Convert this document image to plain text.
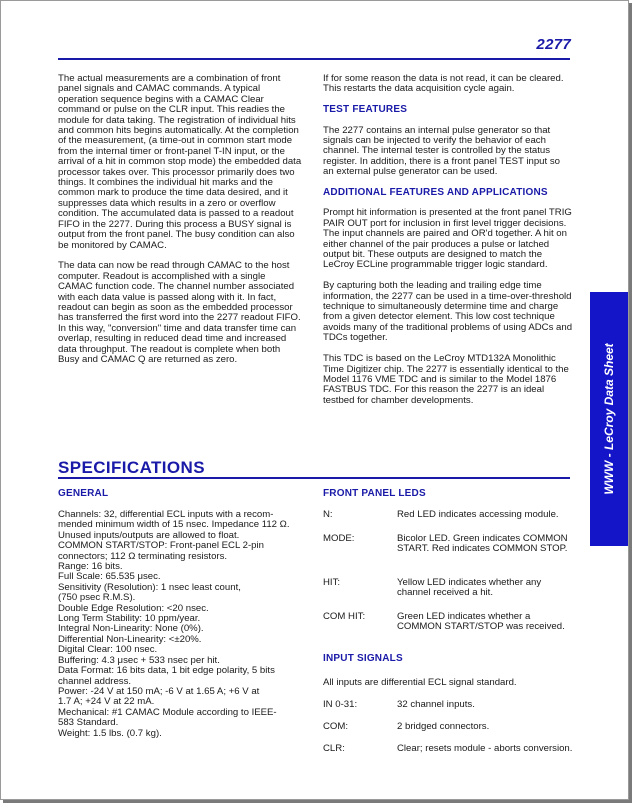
2277

The actual measurements are a combination of front panel signals and CAMAC commands. A typical operation sequence begins with a CAMAC Clear command or pulse on the CLR input. This readies the module for data taking. The registration of individual hits and common hits begins automatically. At the completion of the measurement, (a time-out in common start mode from the internal timer or front-panel T-IN input, or the arrival of a hit in common stop mode) the embedded data processor takes over. This processor primarily does two things. It combines the individual hit marks and the common mark to produce the time data desired, and it suppresses data which results in a zero or overflow condition. The accumulated data is passed to a readout FIFO in the 2277. During this process a BUSY signal is output from the front panel. The busy condition can also be monitored by CAMAC.

The data can now be read through CAMAC to the host computer. Readout is accomplished with a single CAMAC function code. The channel number associated with each data value is passed along with it. In fact, readout can begin as soon as the embedded processor has transferred the first word into the 2277 readout FIFO. In this way, "conversion" time and data transfer time can overlap, resulting in reduced dead time and increased data throughput. The readout is complete when both Busy and CAMAC Q are returned as zero.

If for some reason the data is not read, it can be cleared. This restarts the data acquisition cycle again.

TEST FEATURES

The 2277 contains an internal pulse generator so that signals can be injected to verify the behavior of each channel. The internal tester is controlled by the status register. In addition, there is a front panel TEST input so an external pulse generator can be used.

ADDITIONAL FEATURES AND APPLICATIONS

Prompt hit information is presented at the front panel TRIG PAIR OUT port for inclusion in first level trigger decisions. The input channels are paired and OR'd together. A hit on either channel of the pair produces a pulse or latched output bit. These outputs are designed to match the LeCroy ECLine programmable trigger logic standard.

By capturing both the leading and trailing edge time information, the 2277 can be used in a time-over-threshold technique to simultaneously determine time and charge from a given detector element. This low cost technique avoids many of the traditional problems of using ADCs and TDCs together.

This TDC is based on the LeCroy MTD132A Monolithic Time Digitizer chip. The 2277 is essentially identical to the Model 1176 VME TDC and is similar to the Model 1876 FASTBUS TDC. For this reason the 2277 is an ideal testbed for chamber developments.

SPECIFICATIONS
GENERAL
Channels: 32, differential ECL inputs with a recom-
mended minimum width of 15 nsec. Impedance 112 Ω.
Unused inputs/outputs are allowed to float.
COMMON START/STOP: Front-panel ECL 2-pin
connectors; 112 Ω terminating resistors.
Range: 16 bits.
Full Scale: 65.535 μsec.
Sensitivity (Resolution): 1 nsec least count,
(750 psec R.M.S).
Double Edge Resolution: <20 nsec.
Long Term Stability: 10 ppm/year.
Integral Non-Linearity: None (0%).
Differential Non-Linearity: <±20%.
Digital Clear: 100 nsec.
Buffering: 4.3 μsec + 533 nsec per hit.
Data Format: 16 bits data, 1 bit edge polarity, 5 bits
channel address.
Power: -24 V at 150 mA; -6 V at 1.65 A; +6 V at
1.7 A; +24 V at 22 mA.
Mechanical: #1 CAMAC Module according to IEEE-
583 Standard.
Weight: 1.5 lbs. (0.7 kg).
FRONT PANEL LEDS
N:	Red LED indicates accessing module.
MODE:	Bicolor LED. Green indicates COMMON START. Red indicates COMMON STOP.
HIT:	Yellow LED indicates whether any channel received a hit.
COM HIT:	Green LED indicates whether a COMMON START/STOP was received.
INPUT SIGNALS
All inputs are differential ECL signal standard.
IN 0-31:	32 channel inputs.
COM:	2 bridged connectors.
CLR:	Clear; resets module - aborts conversion.
WWW - LeCroy Data Sheet
